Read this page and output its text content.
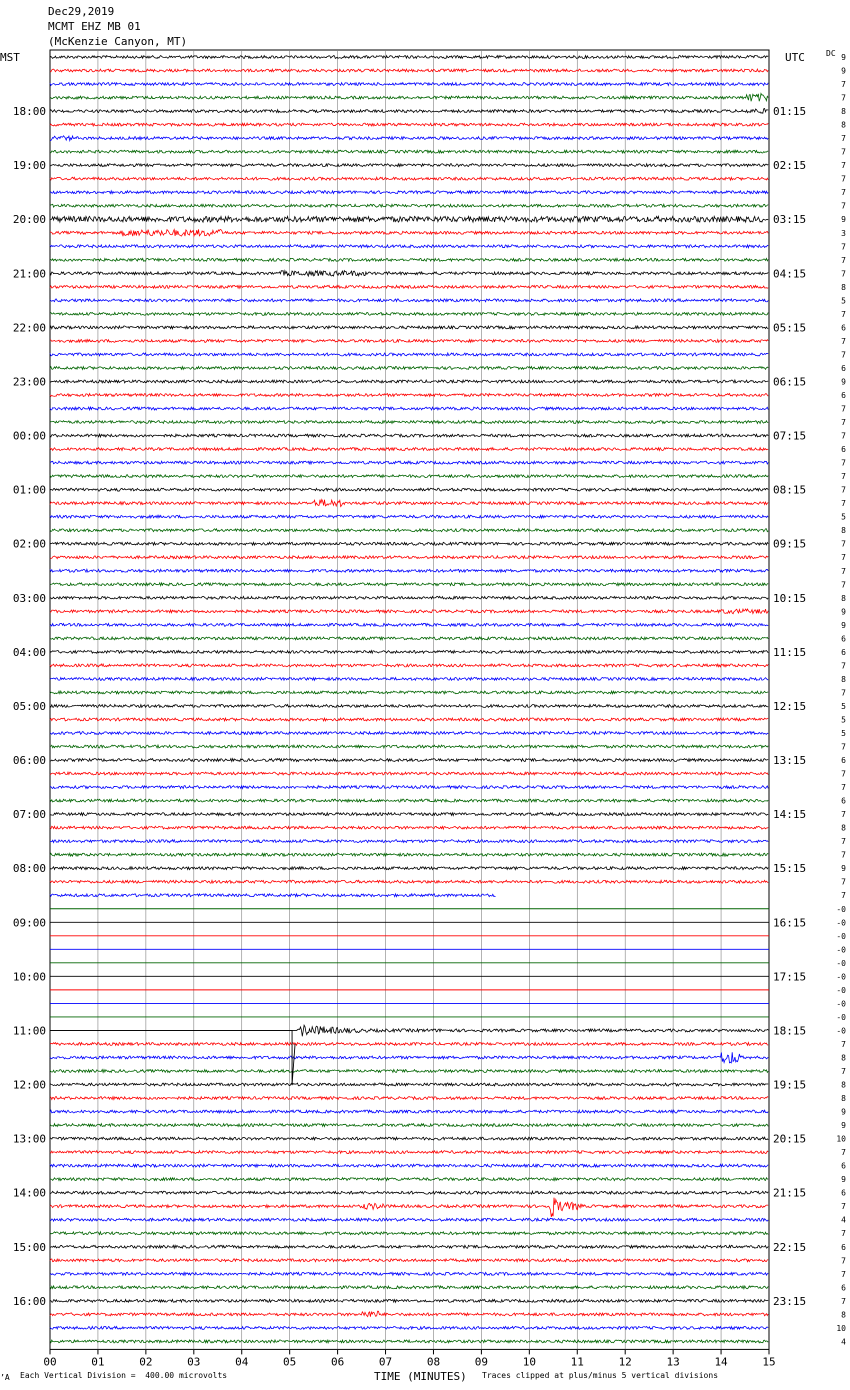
Dec29,2019
MCMT EHZ MB 01
(McKenzie Canyon, MT)
00	01	02	03	04	05	06	07	08	09	10	11	12	13	14	15
18:00
19:00
20:00
21:00
22:00
23:00
00:00
01:00
02:00
03:00
04:00
05:00
06:00
07:00
08:00
09:00
10:00
11:00
12:00
13:00
14:00
15:00
16:00
01:15
02:15
03:15
04:15
05:15
06:15
07:15
08:15
09:15
10:15
11:15
12:15
13:15
14:15
15:15
16:15
17:15
18:15
19:15
20:15
21:15
22:15
23:15
9
9
7
7
8
8
7
7
7
7
7
7
9
3
7
7
7
8
5
7
6
7
7
6
9
6
7
7
7
6
7
7
7
7
5
8
7
7
7
7
8
9
9
6
6
7
8
7
5
5
5
7
6
7
7
6
7
8
7
7
9
7
7
-0
-0
-0
-0
-0
-0
-0
-0
-0
-0
7
8
7
8
8
9
9
10
7
6
9
6
7
4
7
6
7
7
6
7
8
10
4
MST	UTC	DC
TIME (MINUTES)
’A Each Vertical Division =  400.00 microvolts	Traces clipped at plus/minus 5 vertical divisions
